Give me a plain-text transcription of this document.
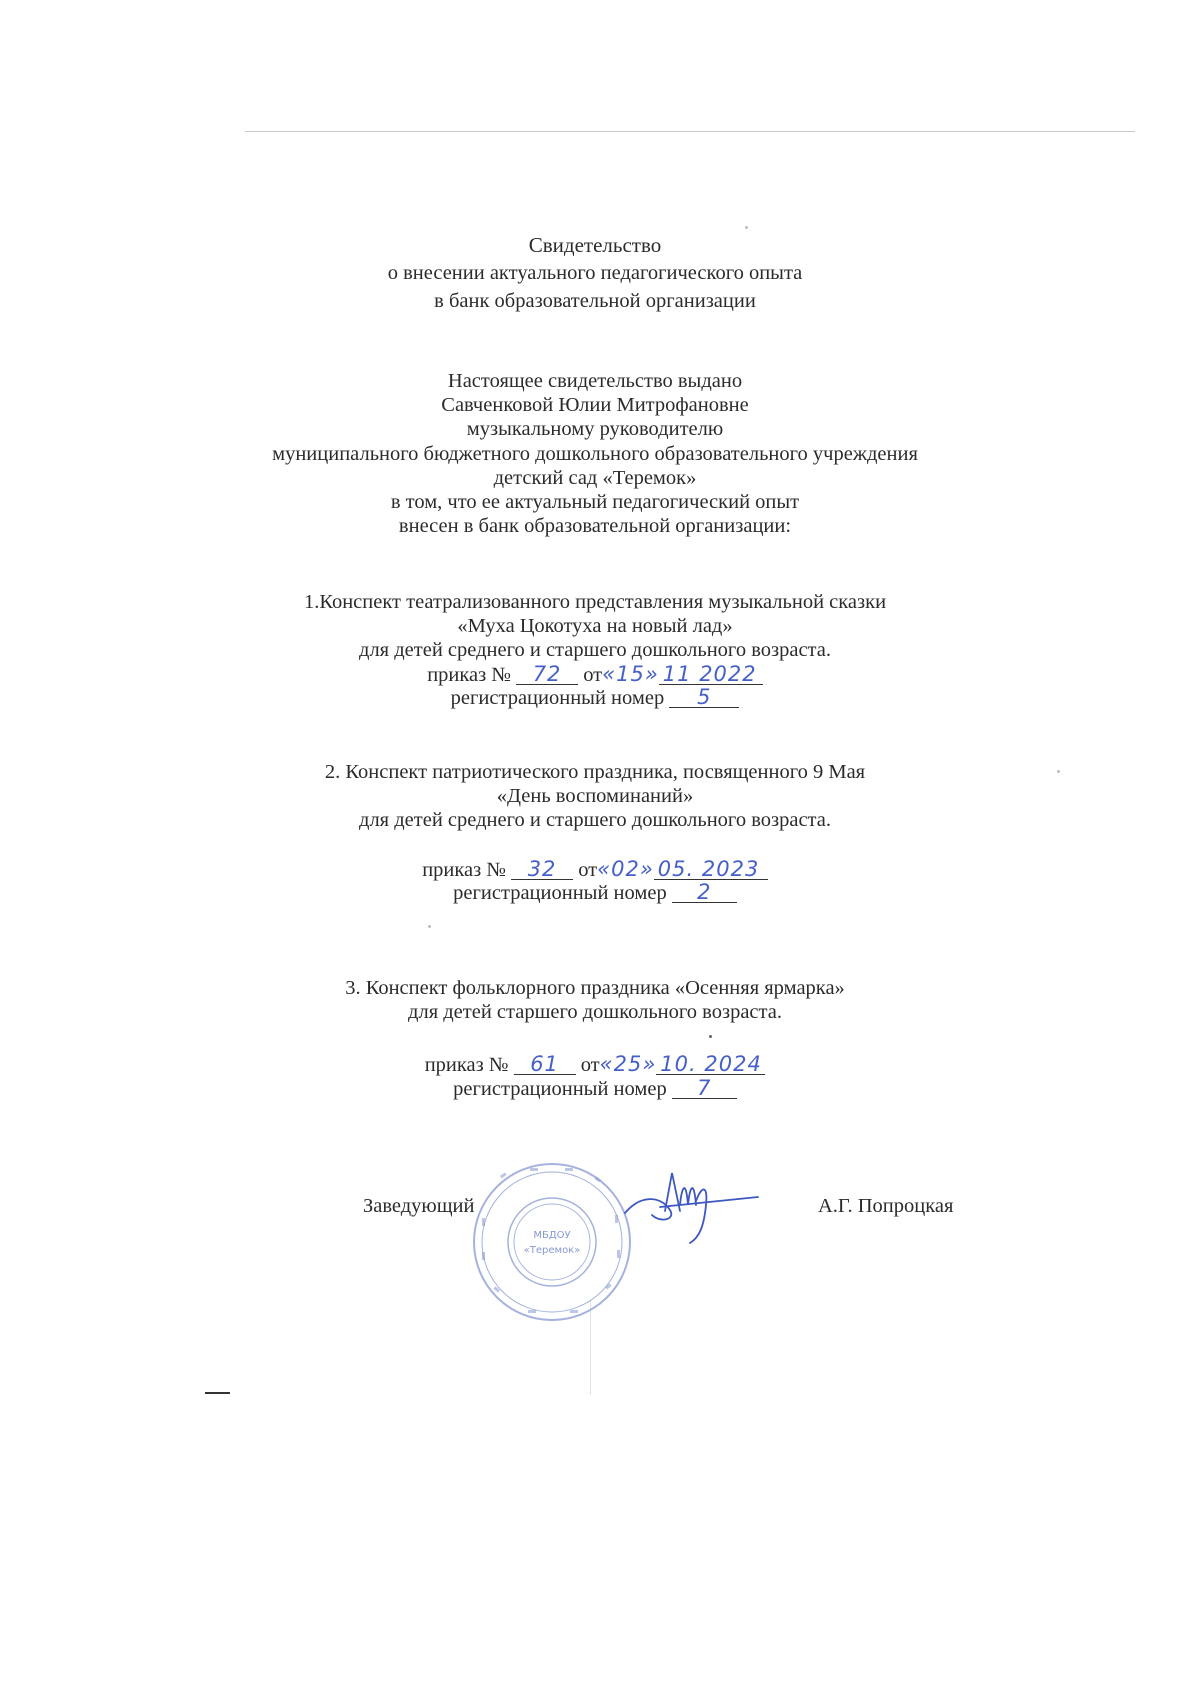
Свидетельство
о внесении актуального педагогического опыта
в банк образовательной организации
Настоящее свидетельство выдано
Савченковой Юлии Митрофановне
музыкальному руководителю
муниципального бюджетного дошкольного образовательного учреждения
детский сад «Теремок»
в том, что ее актуальный педагогический опыт
внесен в банк образовательной организации:
1.Конспект театрализованного представления музыкальной сказки
«Муха Цокотуха на новый лад»
для детей среднего и старшего дошкольного возраста.
приказ № 72 от«15» 11 2022
регистрационный номер 5
2. Конспект патриотического праздника, посвященного 9 Мая
«День воспоминаний»
для детей среднего и старшего дошкольного возраста.
приказ № 32 от«02» 05. 2023
регистрационный номер 2
3. Конспект фольклорного праздника «Осенняя ярмарка»
для детей старшего дошкольного возраста.
приказ № 61 от«25» 10. 2024
регистрационный номер 7
МБДОУ
«Теремок»
Заведующий	А.Г. Попроцкая
